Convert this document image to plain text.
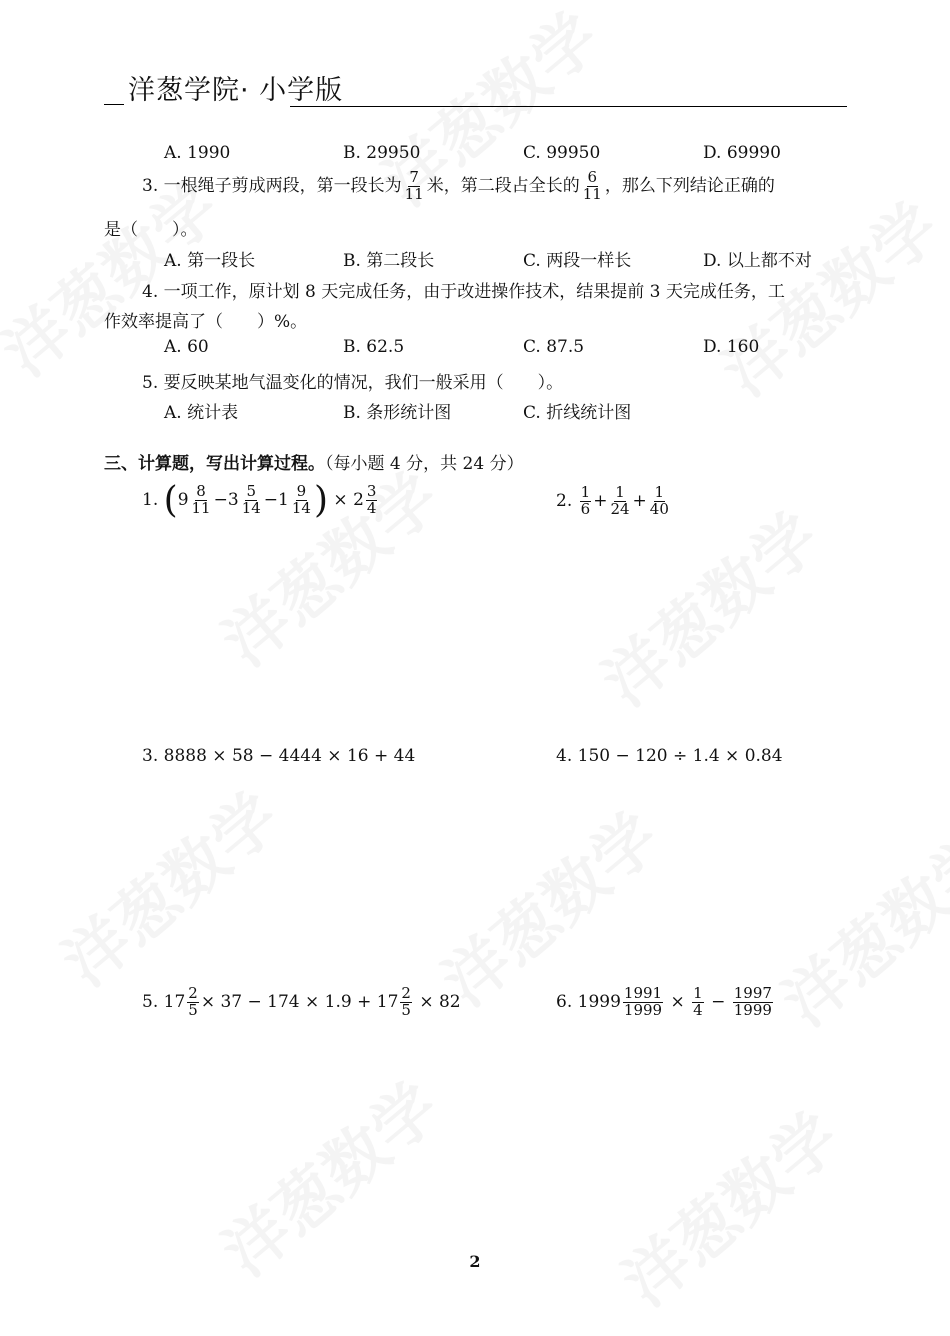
洋葱学院· 小学版
A. 1990	B. 29950	C. 99950	D. 69990
3. 一根绳子剪成两段，第一段长为 $\frac{7}{11}$ 米，第二段占全长的 $\frac{6}{11}$ ，那么下列结论正确的
是（　　）。
A. 第一段长	B. 第二段长	C. 两段一样长	D. 以上都不对
4. 一项工作，原计划 8 天完成任务，由于改进操作技术，结果提前 3 天完成任务，工
作效率提高了（　　）%。
A. 60	B. 62.5	C. 87.5	D. 160
5. 要反映某地气温变化的情况，我们一般采用（　　）。
A. 统计表	B. 条形统计图	C. 折线统计图
三、计算题，写出计算过程。（每小题 4 分，共 24 分）
1. ($9 \frac{8}{11} -3 \frac{5}{14} -1 \frac{9}{14}$ ) × $2 \frac{3}{4}$	2. $\frac{1}{6} + \frac{1}{24} + \frac{1}{40}$
3. 8888 × 58 − 4444 × 16 + 44	4. 150 − 120 ÷ 1.4 × 0.84
5. $17 \frac{2}{5} \times 37 - 174 \times 1.9 + 17 \frac{2}{5} \times 82$	6. $1999 \frac{1991}{1999} \times \frac{1}{4} - \frac{1997}{1999}$
2
